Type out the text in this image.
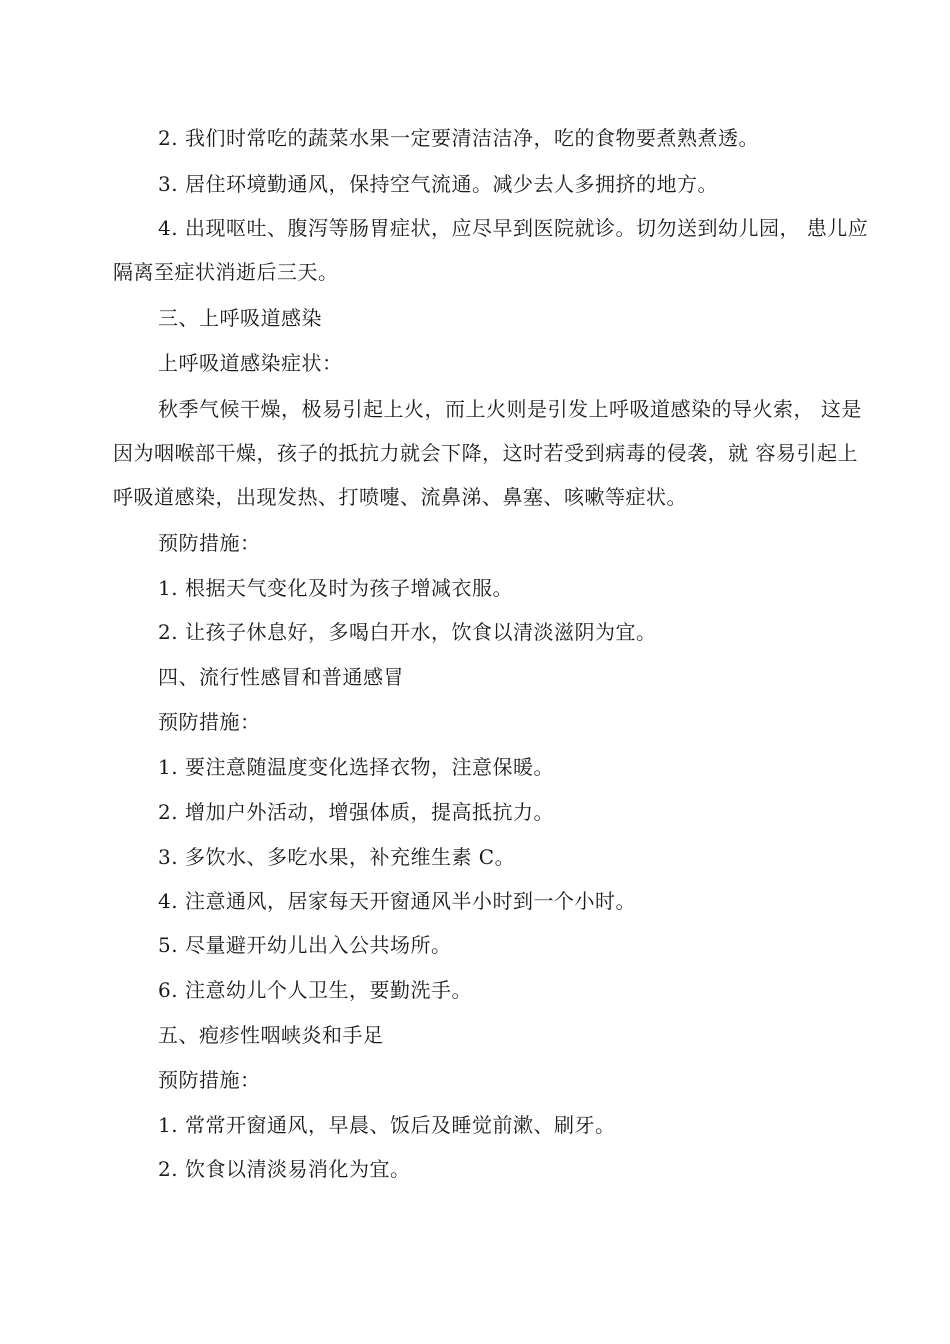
2. 我们时常吃的蔬菜水果一定要清洁洁净，吃的食物要煮熟煮透。
3. 居住环境勤通风，保持空气流通。减少去人多拥挤的地方。
4. 出现呕吐、腹泻等肠胃症状，应尽早到医院就诊。切勿送到幼儿园， 患儿应
隔离至症状消逝后三天。
三、上呼吸道感染
上呼吸道感染症状：
秋季气候干燥，极易引起上火，而上火则是引发上呼吸道感染的导火索， 这是
因为咽喉部干燥，孩子的抵抗力就会下降，这时若受到病毒的侵袭，就 容易引起上
呼吸道感染，出现发热、打喷嚏、流鼻涕、鼻塞、咳嗽等症状。
预防措施：
1. 根据天气变化及时为孩子增减衣服。
2. 让孩子休息好，多喝白开水，饮食以清淡滋阴为宜。
四、流行性感冒和普通感冒
预防措施：
1. 要注意随温度变化选择衣物，注意保暖。
2. 增加户外活动，增强体质，提高抵抗力。
3. 多饮水、多吃水果，补充维生素 C。
4. 注意通风，居家每天开窗通风半小时到一个小时。
5. 尽量避开幼儿出入公共场所。
6. 注意幼儿个人卫生，要勤洗手。
五、疱疹性咽峡炎和手足
预防措施：
1. 常常开窗通风，早晨、饭后及睡觉前漱、刷牙。
2. 饮食以清淡易消化为宜。
